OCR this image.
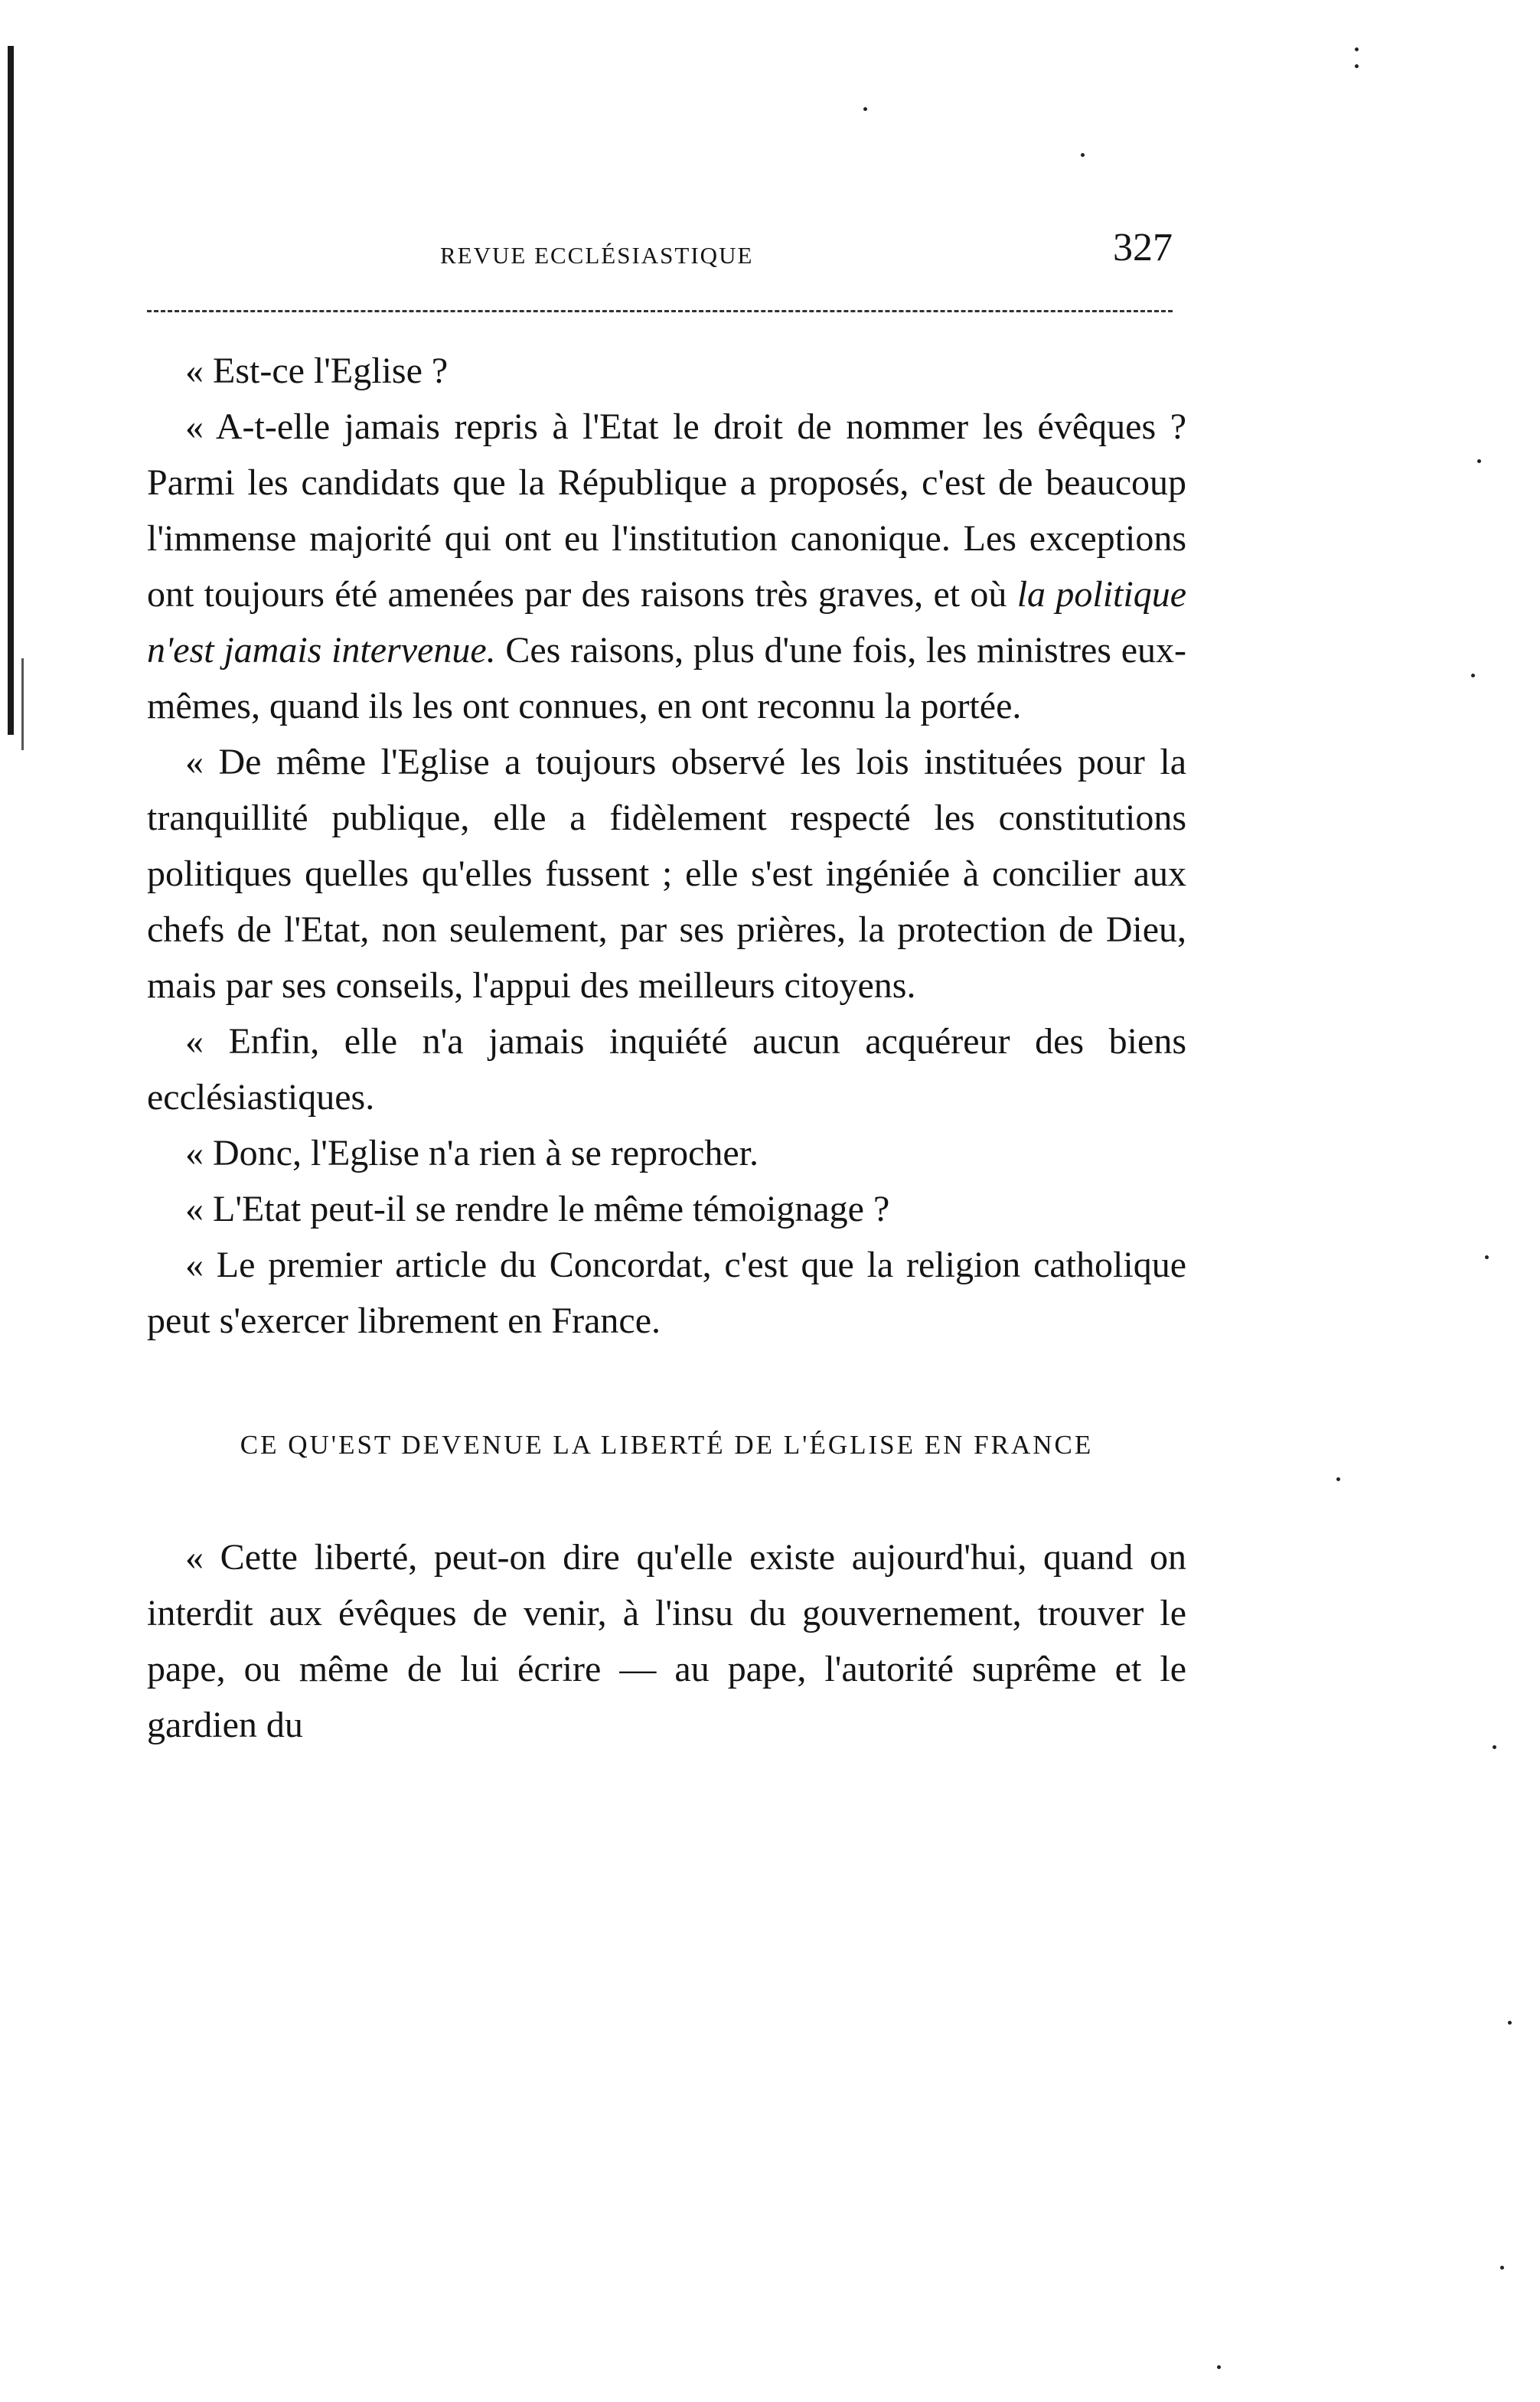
REVUE ECCLÉSIASTIQUE	327

« Est-ce l'Eglise ?

« A-t-elle jamais repris à l'Etat le droit de nommer les évêques ? Parmi les candidats que la République a proposés, c'est de beaucoup l'immense majorité qui ont eu l'institution canonique. Les exceptions ont toujours été amenées par des raisons très graves, et où la politique n'est jamais intervenue. Ces raisons, plus d'une fois, les ministres eux-mêmes, quand ils les ont connues, en ont reconnu la portée.

« De même l'Eglise a toujours observé les lois instituées pour la tranquillité publique, elle a fidèlement respecté les constitutions politiques quelles qu'elles fussent ; elle s'est ingéniée à concilier aux chefs de l'Etat, non seulement, par ses prières, la protection de Dieu, mais par ses conseils, l'appui des meilleurs citoyens.

« Enfin, elle n'a jamais inquiété aucun acquéreur des biens ecclésiastiques.

« Donc, l'Eglise n'a rien à se reprocher.

« L'Etat peut-il se rendre le même témoignage ?

« Le premier article du Concordat, c'est que la religion catholique peut s'exercer librement en France.

CE QU'EST DEVENUE LA LIBERTÉ DE L'ÉGLISE EN FRANCE

« Cette liberté, peut-on dire qu'elle existe aujourd'hui, quand on interdit aux évêques de venir, à l'insu du gouvernement, trouver le pape, ou même de lui écrire — au pape, l'autorité suprême et le gardien du
